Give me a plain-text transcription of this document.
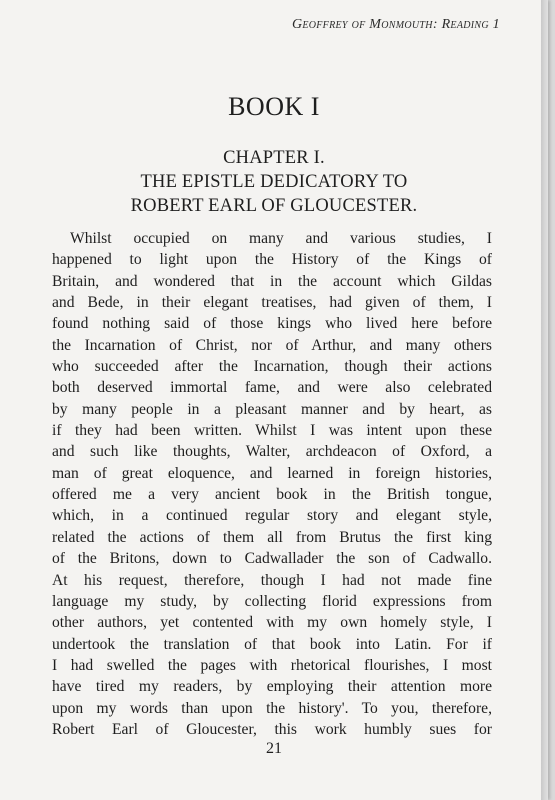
Geoffrey of Monmouth: Reading 1
BOOK I
CHAPTER I.
THE EPISTLE DEDICATORY TO
ROBERT EARL OF GLOUCESTER.
Whilst occupied on many and various studies, I
happened to light upon the History of the Kings of
Britain, and wondered that in the account which Gildas
and Bede, in their elegant treatises, had given of them, I
found nothing said of those kings who lived here before
the Incarnation of Christ, nor of Arthur, and many others
who succeeded after the Incarnation, though their actions
both deserved immortal fame, and were also celebrated
by many people in a pleasant manner and by heart, as
if they had been written. Whilst I was intent upon these
and such like thoughts, Walter, archdeacon of Oxford, a
man of great eloquence, and learned in foreign histories,
offered me a very ancient book in the British tongue,
which, in a continued regular story and elegant style,
related the actions of them all from Brutus the first king
of the Britons, down to Cadwallader the son of Cadwallo.
At his request, therefore, though I had not made fine
language my study, by collecting florid expressions from
other authors, yet contented with my own homely style, I
undertook the translation of that book into Latin. For if
I had swelled the pages with rhetorical flourishes, I most
have tired my readers, by employing their attention more
upon my words than upon the history'. To you, therefore,
Robert Earl of Gloucester, this work humbly sues for
21
